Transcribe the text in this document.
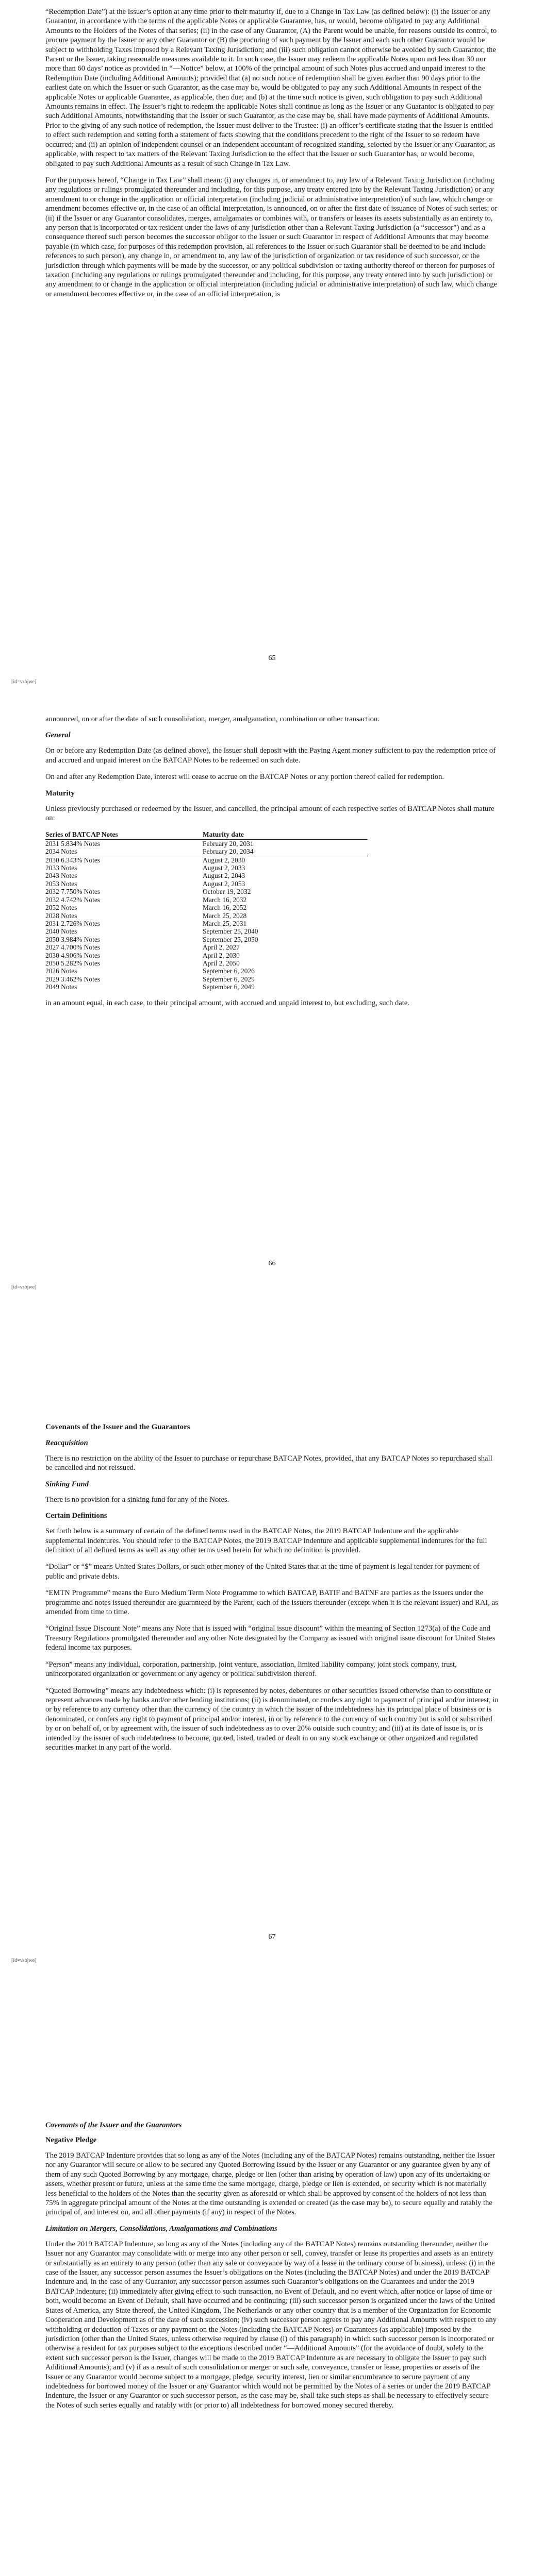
“Redemption Date”) at the Issuer’s option at any time prior to their maturity if, due to a Change in Tax Law (as defined below): (i) the Issuer or any Guarantor, in accordance with the terms of the applicable Notes or applicable Guarantee, has, or would, become obligated to pay any Additional Amounts to the Holders of the Notes of that series; (ii) in the case of any Guarantor, (A) the Parent would be unable, for reasons outside its control, to procure payment by the Issuer or any other Guarantor or (B) the procuring of such payment by the Issuer and each such other Guarantor would be subject to withholding Taxes imposed by a Relevant Taxing Jurisdiction; and (iii) such obligation cannot otherwise be avoided by such Guarantor, the Parent or the Issuer, taking reasonable measures available to it. In such case, the Issuer may redeem the applicable Notes upon not less than 30 nor more than 60 days’ notice as provided in “—Notice” below, at 100% of the principal amount of such Notes plus accrued and unpaid interest to the Redemption Date (including Additional Amounts); provided that (a) no such notice of redemption shall be given earlier than 90 days prior to the earliest date on which the Issuer or such Guarantor, as the case may be, would be obligated to pay any such Additional Amounts in respect of the applicable Notes or applicable Guarantee, as applicable, then due; and (b) at the time such notice is given, such obligation to pay such Additional Amounts remains in effect. The Issuer’s right to redeem the applicable Notes shall continue as long as the Issuer or any Guarantor is obligated to pay such Additional Amounts, notwithstanding that the Issuer or such Guarantor, as the case may be, shall have made payments of Additional Amounts. Prior to the giving of any such notice of redemption, the Issuer must deliver to the Trustee: (i) an officer’s certificate stating that the Issuer is entitled to effect such redemption and setting forth a statement of facts showing that the conditions precedent to the right of the Issuer to so redeem have occurred; and (ii) an opinion of independent counsel or an independent accountant of recognized standing, selected by the Issuer or any Guarantor, as applicable, with respect to tax matters of the Relevant Taxing Jurisdiction to the effect that the Issuer or such Guarantor has, or would become, obligated to pay such Additional Amounts as a result of such Change in Tax Law.

For the purposes hereof, “Change in Tax Law” shall mean: (i) any changes in, or amendment to, any law of a Relevant Taxing Jurisdiction (including any regulations or rulings promulgated thereunder and including, for this purpose, any treaty entered into by the Relevant Taxing Jurisdiction) or any amendment to or change in the application or official interpretation (including judicial or administrative interpretation) of such law, which change or amendment becomes effective or, in the case of an official interpretation, is announced, on or after the first date of issuance of Notes of such series; or (ii) if the Issuer or any Guarantor consolidates, merges, amalgamates or combines with, or transfers or leases its assets substantially as an entirety to, any person that is incorporated or tax resident under the laws of any jurisdiction other than a Relevant Taxing Jurisdiction (a “successor”) and as a consequence thereof such person becomes the successor obligor to the Issuer or such Guarantor in respect of Additional Amounts that may become payable (in which case, for purposes of this redemption provision, all references to the Issuer or such Guarantor shall be deemed to be and include references to such person), any change in, or amendment to, any law of the jurisdiction of organization or tax residence of such successor, or the jurisdiction through which payments will be made by the successor, or any political subdivision or taxing authority thereof or thereon for purposes of taxation (including any regulations or rulings promulgated thereunder and including, for this purpose, any treaty entered into by such jurisdiction) or any amendment to or change in the application or official interpretation (including judicial or administrative interpretation) of such law, which change or amendment becomes effective or, in the case of an official interpretation, is

65
[id=vsbjwe]

announced, on or after the date of such consolidation, merger, amalgamation, combination or other transaction.

General

On or before any Redemption Date (as defined above), the Issuer shall deposit with the Paying Agent money sufficient to pay the redemption price of and accrued and unpaid interest on the BATCAP Notes to be redeemed on such date.

On and after any Redemption Date, interest will cease to accrue on the BATCAP Notes or any portion thereof called for redemption.

Maturity

Unless previously purchased or redeemed by the Issuer, and cancelled, the principal amount of each respective series of BATCAP Notes shall mature on:

Series of BATCAP Notes	Maturity date
2031 5.834% Notes	February 20, 2031
2034 Notes	February 20, 2034
2030 6.343% Notes	August 2, 2030
2033 Notes	August 2, 2033
2043 Notes	August 2, 2043
2053 Notes	August 2, 2053
2032 7.750% Notes	October 19, 2032
2032 4.742% Notes	March 16, 2032
2052 Notes	March 16, 2052
2028 Notes	March 25, 2028
2031 2.726% Notes	March 25, 2031
2040 Notes	September 25, 2040
2050 3.984% Notes	September 25, 2050
2027 4.700% Notes	April 2, 2027
2030 4.906% Notes	April 2, 2030
2050 5.282% Notes	April 2, 2050
2026 Notes	September 6, 2026
2029 3.462% Notes	September 6, 2029
2049 Notes	September 6, 2049

in an amount equal, in each case, to their principal amount, with accrued and unpaid interest to, but excluding, such date.

66
[id=vsbjwe]
Covenants of the Issuer and the Guarantors
Reacquisition

There is no restriction on the ability of the Issuer to purchase or repurchase BATCAP Notes, provided, that any BATCAP Notes so repurchased shall be cancelled and not reissued.

Sinking Fund

There is no provision for a sinking fund for any of the Notes.

Certain Definitions

Set forth below is a summary of certain of the defined terms used in the BATCAP Notes, the 2019 BATCAP Indenture and the applicable supplemental indentures. You should refer to the BATCAP Notes, the 2019 BATCAP Indenture and applicable supplemental indentures for the full definition of all defined terms as well as any other terms used herein for which no definition is provided.

“Dollar” or “$” means United States Dollars, or such other money of the United States that at the time of payment is legal tender for payment of public and private debts.

“EMTN Programme” means the Euro Medium Term Note Programme to which BATCAP, BATIF and BATNF are parties as the issuers under the programme and notes issued thereunder are guaranteed by the Parent, each of the issuers thereunder (except when it is the relevant issuer) and RAI, as amended from time to time.

“Original Issue Discount Note” means any Note that is issued with “original issue discount” within the meaning of Section 1273(a) of the Code and Treasury Regulations promulgated thereunder and any other Note designated by the Company as issued with original issue discount for United States federal income tax purposes.

“Person” means any individual, corporation, partnership, joint venture, association, limited liability company, joint stock company, trust, unincorporated organization or government or any agency or political subdivision thereof.

“Quoted Borrowing” means any indebtedness which: (i) is represented by notes, debentures or other securities issued otherwise than to constitute or represent advances made by banks and/or other lending institutions; (ii) is denominated, or confers any right to payment of principal and/or interest, in or by reference to any currency other than the currency of the country in which the issuer of the indebtedness has its principal place of business or is denominated, or confers any right to payment of principal and/or interest, in or by reference to the currency of such country but is sold or subscribed by or on behalf of, or by agreement with, the issuer of such indebtedness as to over 20% outside such country; and (iii) at its date of issue is, or is intended by the issuer of such indebtedness to become, quoted, listed, traded or dealt in on any stock exchange or other organized and regulated securities market in any part of the world.

67
[id=vsbjwe]
Covenants of the Issuer and the Guarantors
Negative Pledge

The 2019 BATCAP Indenture provides that so long as any of the Notes (including any of the BATCAP Notes) remains outstanding, neither the Issuer nor any Guarantor will secure or allow to be secured any Quoted Borrowing issued by the Issuer or any Guarantor or any guarantee given by any of them of any such Quoted Borrowing by any mortgage, charge, pledge or lien (other than arising by operation of law) upon any of its undertaking or assets, whether present or future, unless at the same time the same mortgage, charge, pledge or lien is extended, or security which is not materially less beneficial to the holders of the Notes than the security given as aforesaid or which shall be approved by consent of the holders of not less than 75% in aggregate principal amount of the Notes at the time outstanding is extended or created (as the case may be), to secure equally and ratably the principal of, and interest on, and all other payments (if any) in respect of the Notes.

Limitation on Mergers, Consolidations, Amalgamations and Combinations

Under the 2019 BATCAP Indenture, so long as any of the Notes (including any of the BATCAP Notes) remains outstanding thereunder, neither the Issuer nor any Guarantor may consolidate with or merge into any other person or sell, convey, transfer or lease its properties and assets as an entirety or substantially as an entirety to any person (other than any sale or conveyance by way of a lease in the ordinary course of business), unless: (i) in the case of the Issuer, any successor person assumes the Issuer’s obligations on the Notes (including the BATCAP Notes) and under the 2019 BATCAP Indenture and, in the case of any Guarantor, any successor person assumes such Guarantor’s obligations on the Guarantees and under the 2019 BATCAP Indenture; (ii) immediately after giving effect to such transaction, no Event of Default, and no event which, after notice or lapse of time or both, would become an Event of Default, shall have occurred and be continuing; (iii) such successor person is organized under the laws of the United States of America, any State thereof, the United Kingdom, The Netherlands or any other country that is a member of the Organization for Economic Cooperation and Development as of the date of such succession; (iv) such successor person agrees to pay any Additional Amounts with respect to any withholding or deduction of Taxes or any payment on the Notes (including the BATCAP Notes) or Guarantees (as applicable) imposed by the jurisdiction (other than the United States, unless otherwise required by clause (i) of this paragraph) in which such successor person is incorporated or otherwise a resident for tax purposes subject to the exceptions described under “—Additional Amounts” (for the avoidance of doubt, solely to the extent such successor person is the Issuer, changes will be made to the 2019 BATCAP Indenture as are necessary to obligate the Issuer to pay such Additional Amounts); and (v) if as a result of such consolidation or merger or such sale, conveyance, transfer or lease, properties or assets of the Issuer or any Guarantor would become subject to a mortgage, pledge, security interest, lien or similar encumbrance to secure payment of any indebtedness for borrowed money of the Issuer or any Guarantor which would not be permitted by the Notes of a series or under the 2019 BATCAP Indenture, the Issuer or any Guarantor or such successor person, as the case may be, shall take such steps as shall be necessary to effectively secure the Notes of such series equally and ratably with (or prior to) all indebtedness for borrowed money secured thereby.
